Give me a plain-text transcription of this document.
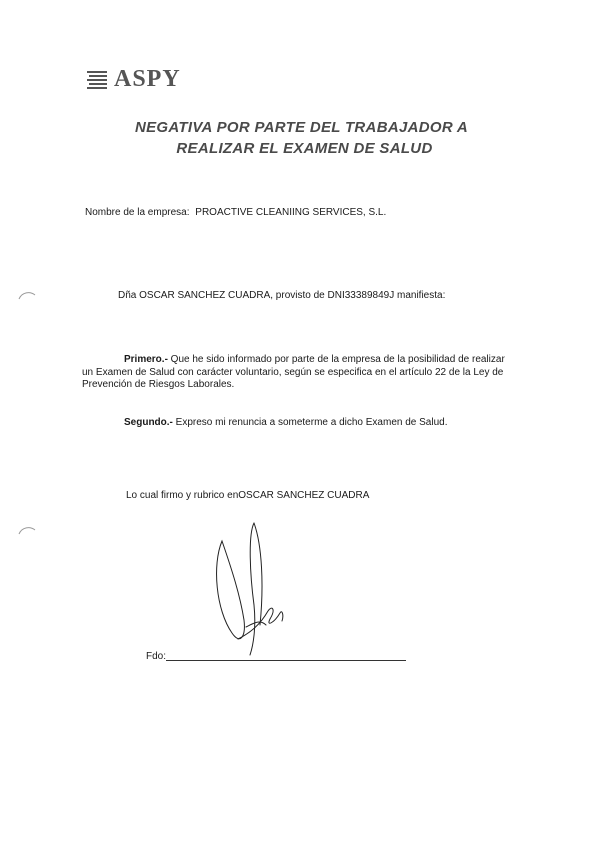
ASPY
NEGATIVA POR PARTE DEL TRABAJADOR A
REALIZAR EL EXAMEN DE SALUD
Nombre de la empresa: PROACTIVE CLEANIING SERVICES, S.L.
Dña OSCAR SANCHEZ CUADRA, provisto de DNI33389849J manifiesta:
Primero.- Que he sido informado por parte de la empresa de la posibilidad de realizar un Examen de Salud con carácter voluntario, según se especifica en el artículo 22 de la Ley de Prevención de Riesgos Laborales.
Segundo.- Expreso mi renuncia a someterme a dicho Examen de Salud.
Lo cual firmo y rubrico enOSCAR SANCHEZ CUADRA
Fdo:
